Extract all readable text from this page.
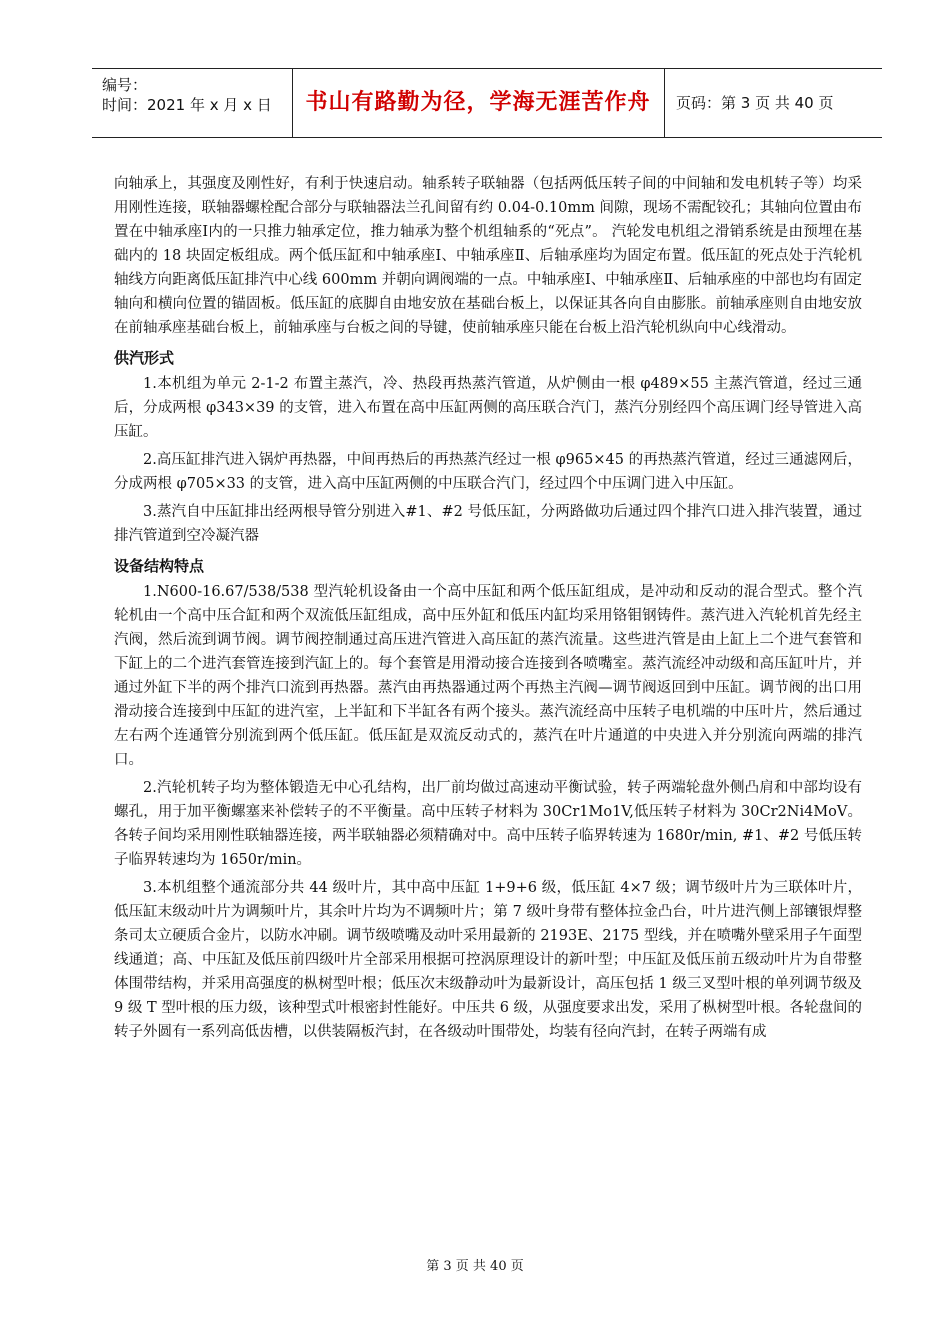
编号：
时间：2021 年 x 月 x 日	书山有路勤为径，学海无涯苦作舟	页码：第 3 页 共 40 页

向轴承上，其强度及刚性好，有利于快速启动。轴系转子联轴器（包括两低压转子间的中间轴和发电机转子等）均采用刚性连接，联轴器螺栓配合部分与联轴器法兰孔间留有约 0.04-0.10mm 间隙，现场不需配铰孔；其轴向位置由布置在中轴承座Ⅰ内的一只推力轴承定位，推力轴承为整个机组轴系的“死点”。 汽轮发电机组之滑销系统是由预埋在基础内的 18 块固定板组成。两个低压缸和中轴承座Ⅰ、中轴承座Ⅱ、后轴承座均为固定布置。低压缸的死点处于汽轮机轴线方向距离低压缸排汽中心线 600mm 并朝向调阀端的一点。中轴承座Ⅰ、中轴承座Ⅱ、后轴承座的中部也均有固定轴向和横向位置的锚固板。低压缸的底脚自由地安放在基础台板上，以保证其各向自由膨胀。前轴承座则自由地安放在前轴承座基础台板上，前轴承座与台板之间的导键，使前轴承座只能在台板上沿汽轮机纵向中心线滑动。

供汽形式

1.本机组为单元 2-1-2 布置主蒸汽，冷、热段再热蒸汽管道，从炉侧由一根 φ489×55 主蒸汽管道，经过三通后，分成两根 φ343×39 的支管，进入布置在高中压缸两侧的高压联合汽门，蒸汽分别经四个高压调门经导管进入高压缸。

2.高压缸排汽进入锅炉再热器，中间再热后的再热蒸汽经过一根 φ965×45 的再热蒸汽管道，经过三通滤网后，分成两根 φ705×33 的支管，进入高中压缸两侧的中压联合汽门，经过四个中压调门进入中压缸。

3.蒸汽自中压缸排出经两根导管分别进入#1、#2 号低压缸，分两路做功后通过四个排汽口进入排汽装置，通过排汽管道到空冷凝汽器

设备结构特点

1.N600-16.67/538/538 型汽轮机设备由一个高中压缸和两个低压缸组成，是冲动和反动的混合型式。整个汽轮机由一个高中压合缸和两个双流低压缸组成，高中压外缸和低压内缸均采用铬钼钢铸件。蒸汽进入汽轮机首先经主汽阀，然后流到调节阀。调节阀控制通过高压进汽管进入高压缸的蒸汽流量。这些进汽管是由上缸上二个进气套管和下缸上的二个进汽套管连接到汽缸上的。每个套管是用滑动接合连接到各喷嘴室。蒸汽流经冲动级和高压缸叶片，并通过外缸下半的两个排汽口流到再热器。蒸汽由再热器通过两个再热主汽阀—调节阀返回到中压缸。调节阀的出口用滑动接合连接到中压缸的进汽室，上半缸和下半缸各有两个接头。蒸汽流经高中压转子电机端的中压叶片，然后通过左右两个连通管分别流到两个低压缸。低压缸是双流反动式的，蒸汽在叶片通道的中央进入并分别流向两端的排汽口。

2.汽轮机转子均为整体锻造无中心孔结构，出厂前均做过高速动平衡试验，转子两端轮盘外侧凸肩和中部均设有螺孔，用于加平衡螺塞来补偿转子的不平衡量。高中压转子材料为 30Cr1Mo1V,低压转子材料为 30Cr2Ni4MoV。各转子间均采用刚性联轴器连接，两半联轴器必须精确对中。高中压转子临界转速为 1680r/min, #1、#2 号低压转子临界转速均为 1650r/min。

3.本机组整个通流部分共 44 级叶片，其中高中压缸 1+9+6 级，低压缸 4×7 级；调节级叶片为三联体叶片，低压缸末级动叶片为调频叶片，其余叶片均为不调频叶片；第 7 级叶身带有整体拉金凸台，叶片进汽侧上部镶银焊整条司太立硬质合金片，以防水冲刷。调节级喷嘴及动叶采用最新的 2193E、2175 型线，并在喷嘴外壁采用子午面型线通道；高、中压缸及低压前四级叶片全部采用根据可控涡原理设计的新叶型；中压缸及低压前五级动叶片为自带整体围带结构，并采用高强度的枞树型叶根；低压次末级静动叶为最新设计，高压包括 1 级三叉型叶根的单列调节级及 9 级 T 型叶根的压力级，该种型式叶根密封性能好。中压共 6 级，从强度要求出发，采用了枞树型叶根。各轮盘间的转子外圆有一系列高低齿槽，以供装隔板汽封，在各级动叶围带处，均装有径向汽封，在转子两端有成

第 3 页 共 40 页
